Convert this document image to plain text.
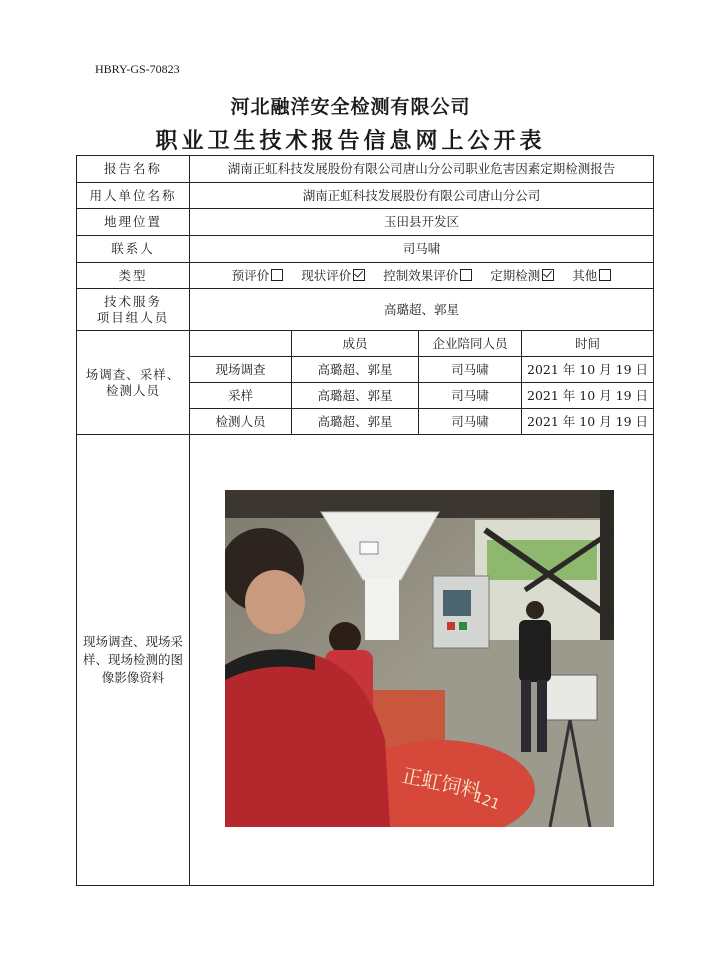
HBRY-GS-70823
河北融洋安全检测有限公司
职业卫生技术报告信息网上公开表
报告名称	湖南正虹科技发展股份有限公司唐山分公司职业危害因素定期检测报告			
用人单位名称	湖南正虹科技发展股份有限公司唐山分公司			
地理位置	玉田县开发区			
联系人	司马啸			
类型	预评价 现状评价 控制效果评价 定期检测 其他			

技术服务
项目组人员	高璐超、郭星			
场调查、采样、检测人员		成员	企业陪同人员	时间
	现场调查	高璐超、郭星	司马啸	2021 年 10 月 19 日
	采样	高璐超、郭星	司马啸	2021 年 10 月 19 日
	检测人员	高璐超、郭星	司马啸	2021 年 10 月 19 日
现场调查、现场采样、现场检测的图像影像资料	正虹饲料
121			
